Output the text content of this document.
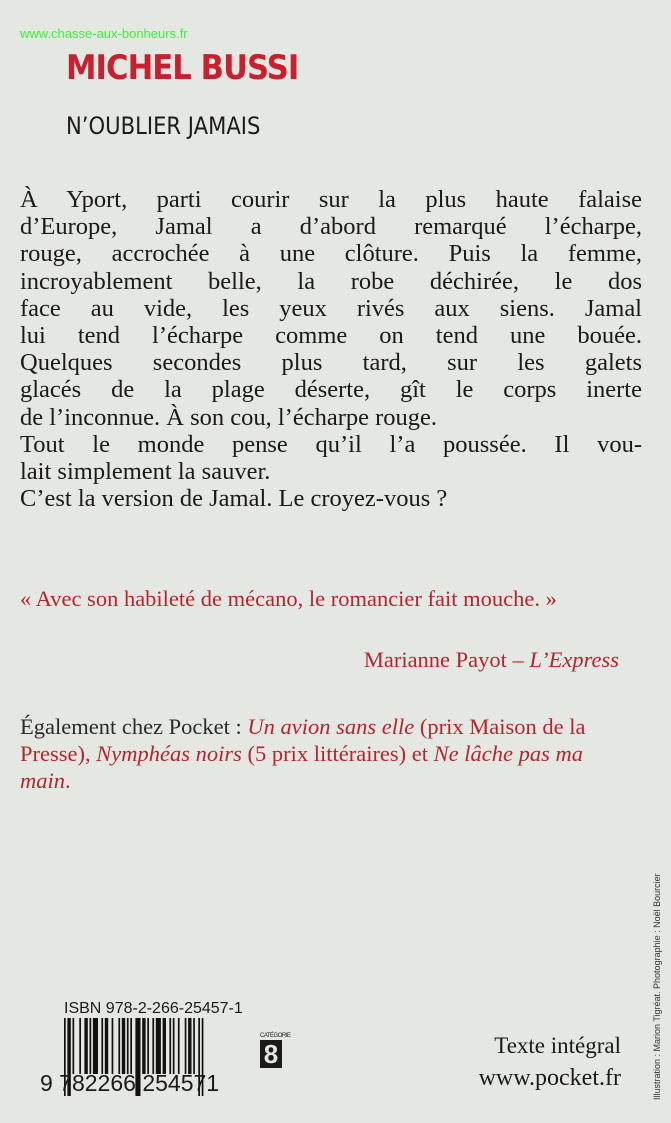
www.chasse-aux-bonheurs.fr
MICHEL BUSSI
N’OUBLIER JAMAIS
À Yport, parti courir sur la plus haute falaise
d’Europe, Jamal a d’abord remarqué l’écharpe,
rouge, accrochée à une clôture. Puis la femme,
incroyablement belle, la robe déchirée, le dos
face au vide, les yeux rivés aux siens. Jamal
lui tend l’écharpe comme on tend une bouée.
Quelques secondes plus tard, sur les galets
glacés de la plage déserte, gît le corps inerte
de l’inconnue. À son cou, l’écharpe rouge.
Tout le monde pense qu’il l’a poussée. Il vou-
lait simplement la sauver.
C’est la version de Jamal. Le croyez-vous ?
« Avec son habileté de mécano, le romancier fait mouche. »
Marianne Payot – L’Express
Également chez Pocket : Un avion sans elle (prix Maison de la Presse), Nymphéas noirs (5 prix littéraires) et Ne lâche pas ma main.
ISBN 978-2-266-25457-1
9 782266 254571
CATÉGORIE
8	Texte intégral
www.pocket.fr	Illustration : Marion Tigréat. Photographie : Noël Bourcier
